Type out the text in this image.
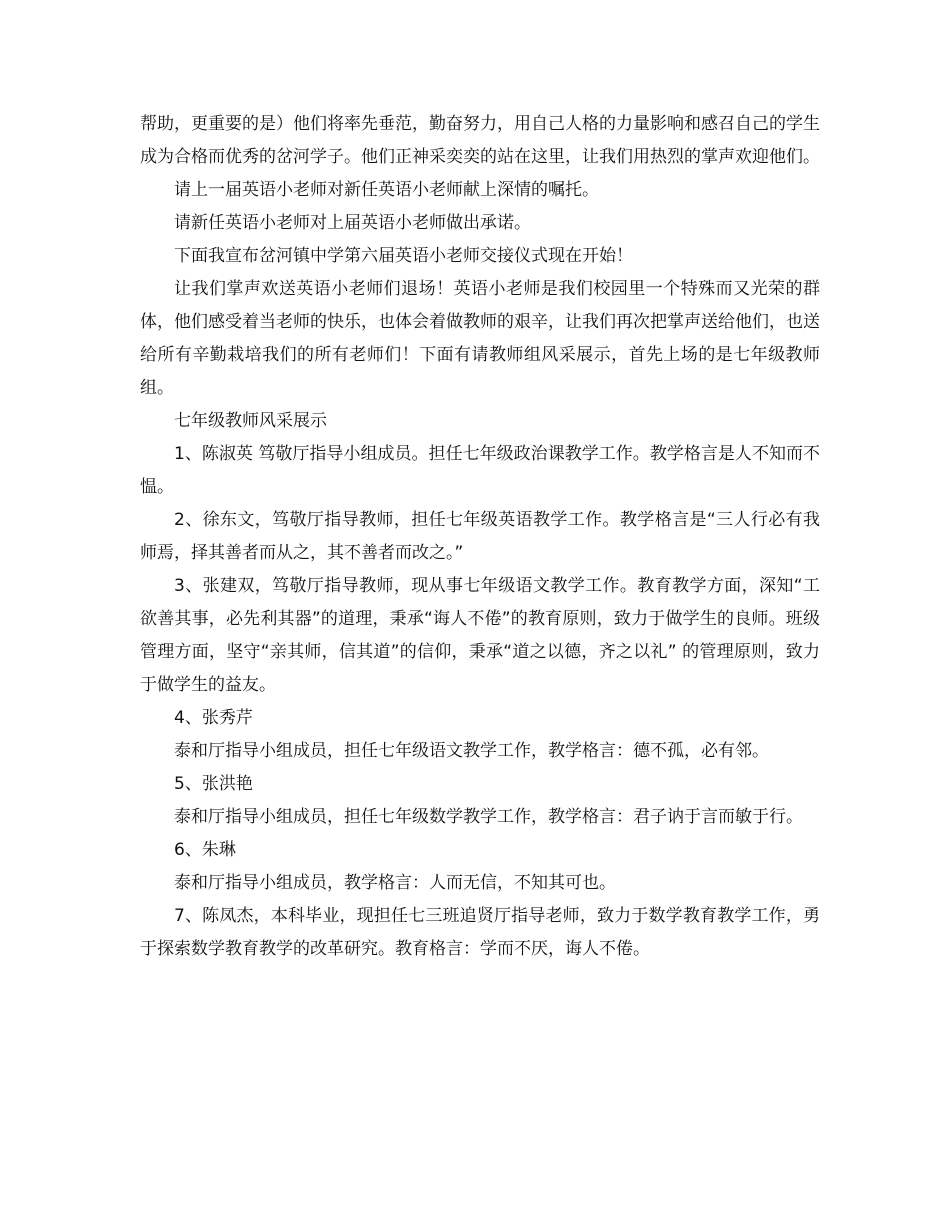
帮助，更重要的是）他们将率先垂范，勤奋努力，用自己人格的力量影响和感召自己的学生成为合格而优秀的岔河学子。他们正神采奕奕的站在这里，让我们用热烈的掌声欢迎他们。

请上一届英语小老师对新任英语小老师献上深情的嘱托。

请新任英语小老师对上届英语小老师做出承诺。

下面我宣布岔河镇中学第六届英语小老师交接仪式现在开始！

让我们掌声欢送英语小老师们退场！英语小老师是我们校园里一个特殊而又光荣的群体，他们感受着当老师的快乐，也体会着做教师的艰辛，让我们再次把掌声送给他们，也送给所有辛勤栽培我们的所有老师们！下面有请教师组风采展示，首先上场的是七年级教师组。

七年级教师风采展示

1、陈淑英 笃敬厅指导小组成员。担任七年级政治课教学工作。教学格言是人不知而不愠。

2、徐东文，笃敬厅指导教师，担任七年级英语教学工作。教学格言是“三人行必有我师焉，择其善者而从之，其不善者而改之。”

3、张建双，笃敬厅指导教师，现从事七年级语文教学工作。教育教学方面，深知“工欲善其事，必先利其器”的道理，秉承“诲人不倦”的教育原则，致力于做学生的良师。班级管理方面，坚守“亲其师，信其道”的信仰，秉承“道之以德，齐之以礼” 的管理原则，致力于做学生的益友。

4、张秀芹

泰和厅指导小组成员，担任七年级语文教学工作，教学格言：德不孤，必有邻。

5、张洪艳

泰和厅指导小组成员，担任七年级数学教学工作，教学格言：君子讷于言而敏于行。

6、朱琳

泰和厅指导小组成员，教学格言：人而无信，不知其可也。

7、陈凤杰，本科毕业，现担任七三班追贤厅指导老师，致力于数学教育教学工作，勇于探索数学教育教学的改革研究。教育格言：学而不厌，诲人不倦。
